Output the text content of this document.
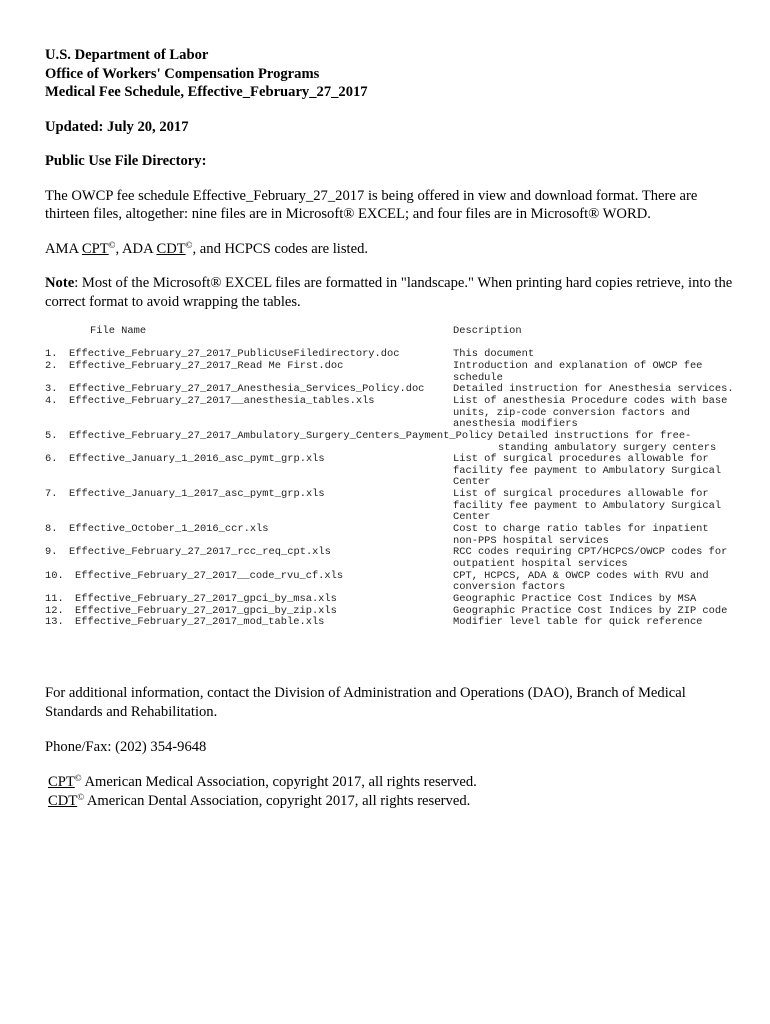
U.S. Department of Labor

Office of Workers' Compensation Programs

Medical Fee Schedule, Effective_February_27_2017

Updated: July 20, 2017

Public Use File Directory:

The OWCP fee schedule Effective_February_27_2017 is being offered in view and download format. There are thirteen files, altogether: nine files are in Microsoft® EXCEL; and four files are in Microsoft® WORD.

AMA CPT©, ADA CDT©, and HCPCS codes are listed.

Note: Most of the Microsoft® EXCEL files are formatted in "landscape." When printing hard copies retrieve, into the correct format to avoid wrapping the tables.

File Name	Description
1. Effective_February_27_2017_PublicUseFiledirectory.doc	This document
2. Effective_February_27_2017_Read Me First.doc	Introduction and explanation of OWCP fee
schedule
3. Effective_February_27_2017_Anesthesia_Services_Policy.doc	Detailed instruction for Anesthesia services.
4. Effective_February_27_2017__anesthesia_tables.xls	List of anesthesia Procedure codes with base
units, zip-code conversion factors and
anesthesia modifiers
5. Effective_February_27_2017_Ambulatory_Surgery_Centers_Payment_Policy Detailed instructions for free-
standing ambulatory surgery centers
6. Effective_January_1_2016_asc_pymt_grp.xls	List of surgical procedures allowable for
facility fee payment to Ambulatory Surgical
Center
7. Effective_January_1_2017_asc_pymt_grp.xls	List of surgical procedures allowable for
facility fee payment to Ambulatory Surgical
Center
8. Effective_October_1_2016_ccr.xls	Cost to charge ratio tables for inpatient
non-PPS hospital services
9. Effective_February_27_2017_rcc_req_cpt.xls	RCC codes requiring CPT/HCPCS/OWCP codes for
outpatient hospital services
10. Effective_February_27_2017__code_rvu_cf.xls	CPT, HCPCS, ADA & OWCP codes with RVU and
conversion factors
11. Effective_February_27_2017_gpci_by_msa.xls	Geographic Practice Cost Indices by MSA
12. Effective_February_27_2017_gpci_by_zip.xls	Geographic Practice Cost Indices by ZIP code
13. Effective_February_27_2017_mod_table.xls	Modifier level table for quick reference

For additional information, contact the Division of Administration and Operations (DAO), Branch of Medical Standards and Rehabilitation.

Phone/Fax: (202) 354-9648

CPT© American Medical Association, copyright 2017, all rights reserved.
CDT© American Dental Association, copyright 2017, all rights reserved.
